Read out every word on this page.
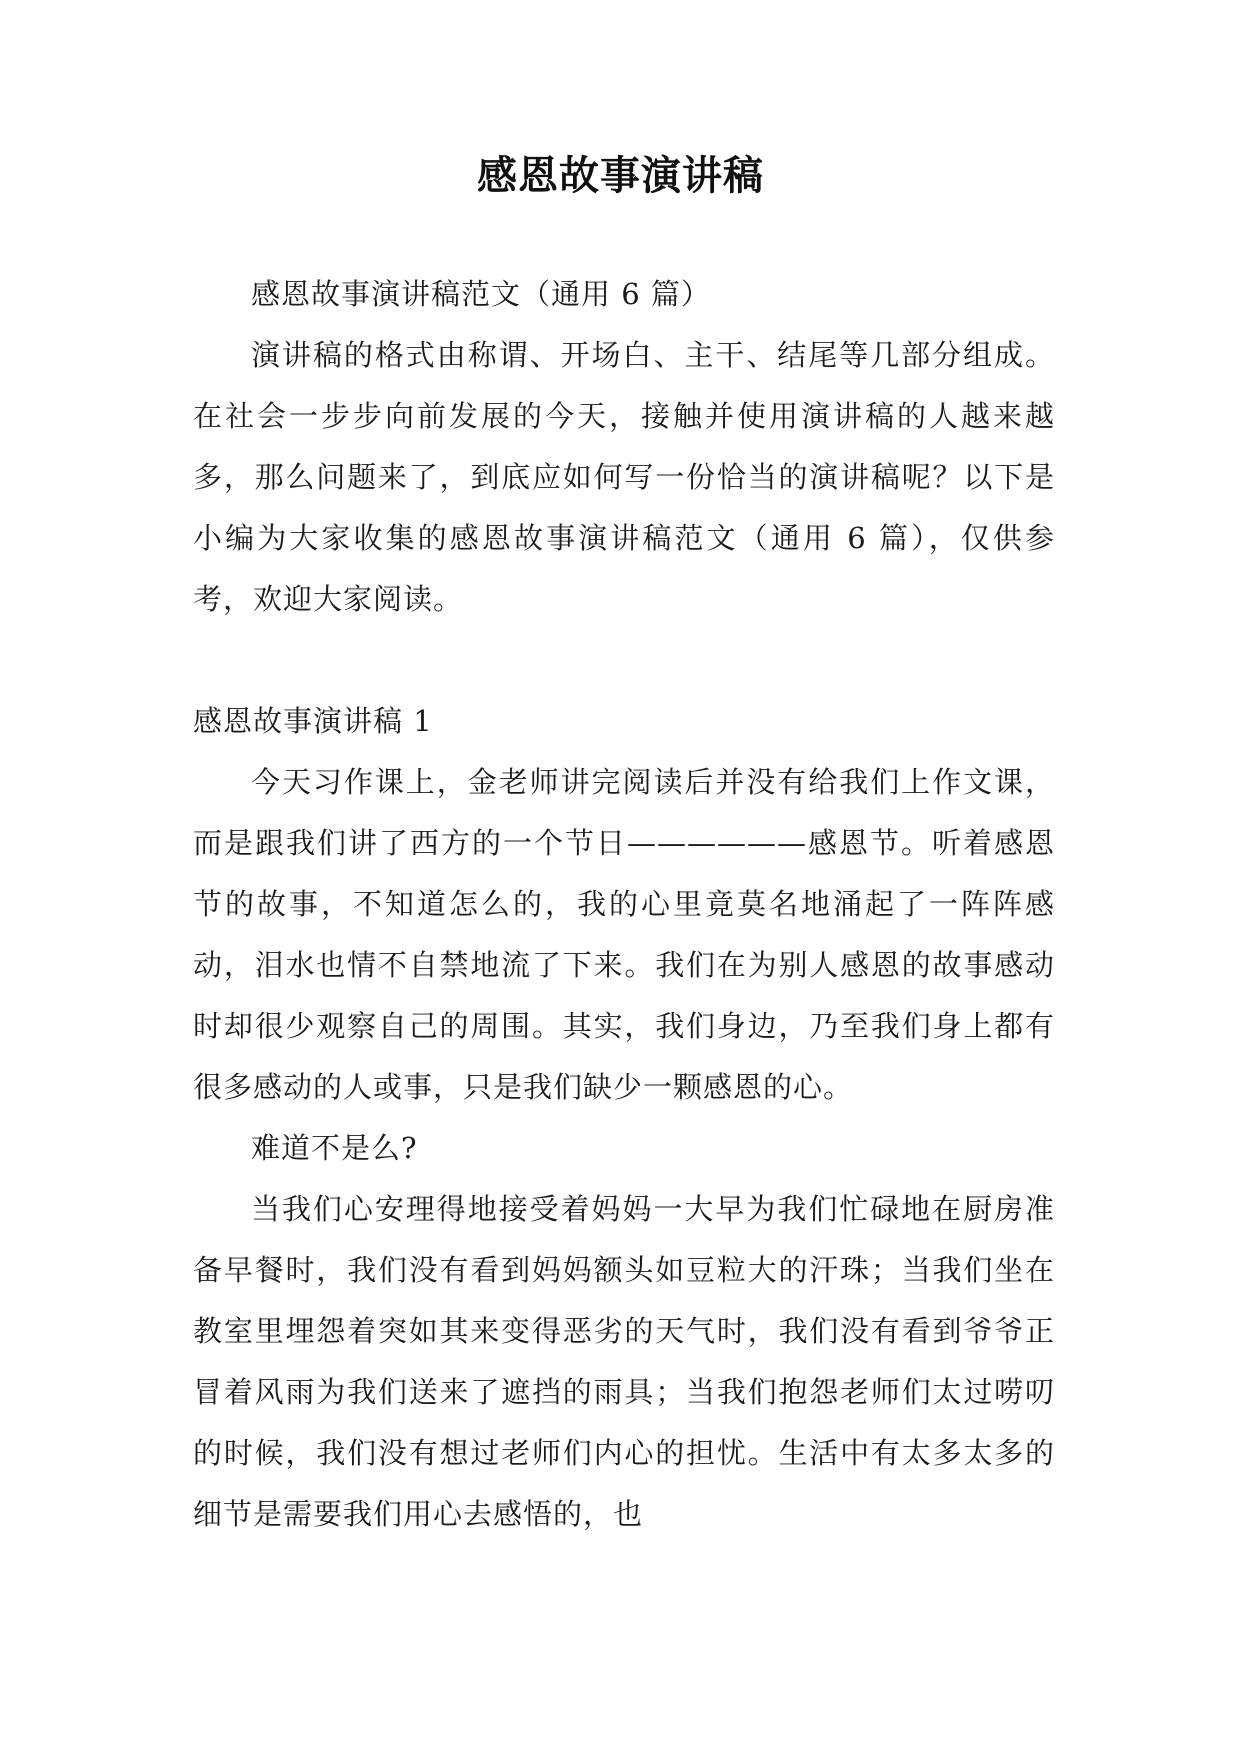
感恩故事演讲稿

感恩故事演讲稿范文（通用 6 篇）

演讲稿的格式由称谓、开场白、主干、结尾等几部分组成。在社会一步步向前发展的今天，接触并使用演讲稿的人越来越多，那么问题来了，到底应如何写一份恰当的演讲稿呢？以下是小编为大家收集的感恩故事演讲稿范文（通用 6 篇），仅供参考，欢迎大家阅读。

感恩故事演讲稿 1

今天习作课上，金老师讲完阅读后并没有给我们上作文课，而是跟我们讲了西方的一个节日——————感恩节。听着感恩节的故事，不知道怎么的，我的心里竟莫名地涌起了一阵阵感动，泪水也情不自禁地流了下来。我们在为别人感恩的故事感动时却很少观察自己的周围。其实，我们身边，乃至我们身上都有很多感动的人或事，只是我们缺少一颗感恩的心。

难道不是么?

当我们心安理得地接受着妈妈一大早为我们忙碌地在厨房准备早餐时，我们没有看到妈妈额头如豆粒大的汗珠；当我们坐在教室里埋怨着突如其来变得恶劣的天气时，我们没有看到爷爷正冒着风雨为我们送来了遮挡的雨具；当我们抱怨老师们太过唠叨的时候，我们没有想过老师们内心的担忧。生活中有太多太多的细节是需要我们用心去感悟的，也
